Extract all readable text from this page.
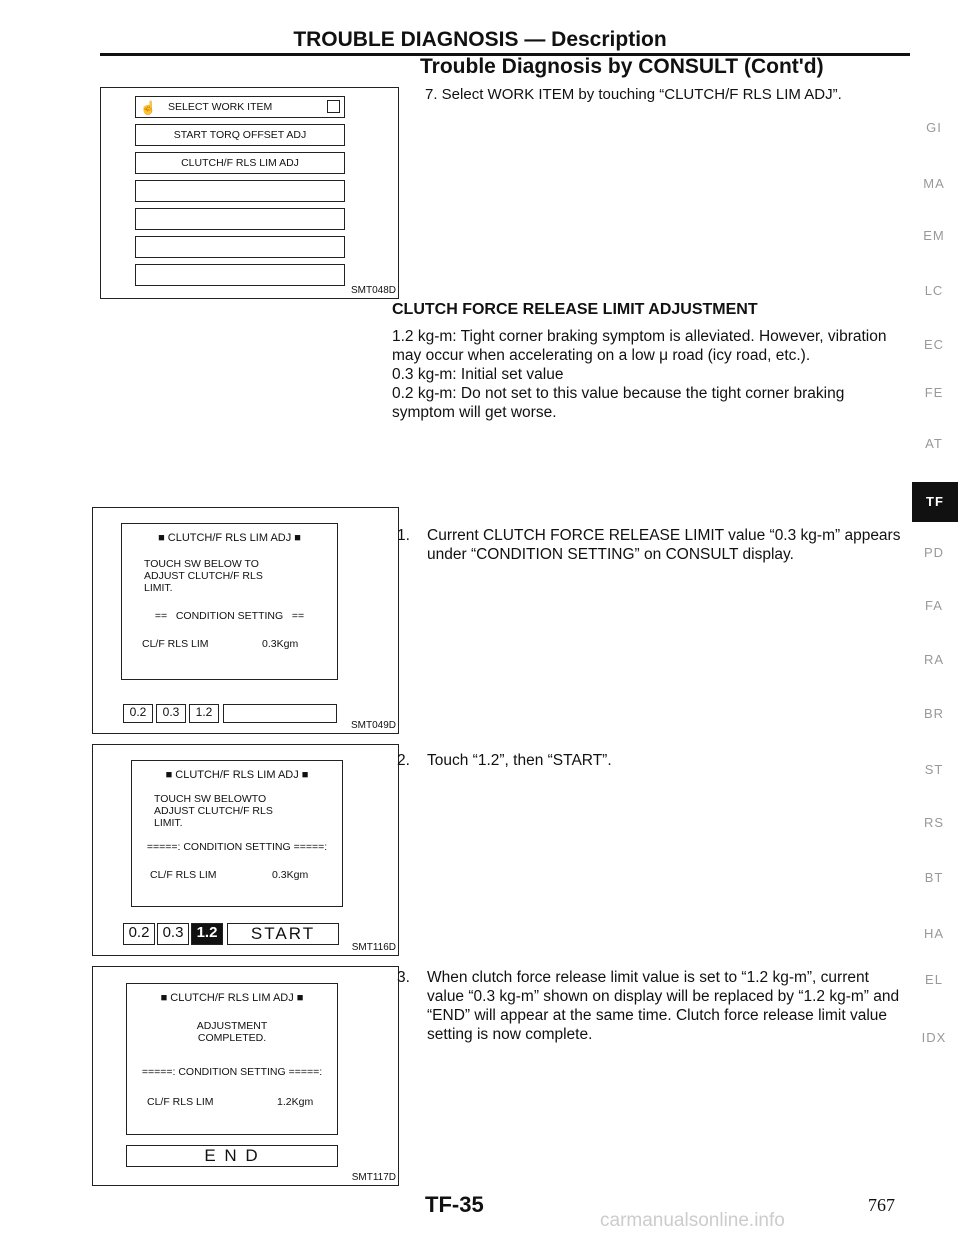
TROUBLE DIAGNOSIS — Description
Trouble Diagnosis by CONSULT (Cont'd)
7. Select WORK ITEM by touching “CLUTCH/F RLS LIM ADJ”.
☝ SELECT WORK ITEM
START TORQ OFFSET ADJ
CLUTCH/F RLS LIM ADJ
SMT048D
CLUTCH FORCE RELEASE LIMIT ADJUSTMENT

1.2 kg-m: Tight corner braking symptom is alleviated. However, vibration may occur when accelerating on a low μ road (icy road, etc.).

0.3 kg-m: Initial set value

0.2 kg-m: Do not set to this value because the tight corner braking symptom will get worse.

■ CLUTCH/F RLS LIM ADJ ■
TOUCH SW BELOW TO
ADJUST CLUTCH/F RLS
LIMIT.
==   CONDITION SETTING   ==
CL/F RLS LIM	0.3Kgm
0.2	0.3	1.2
SMT049D
■ CLUTCH/F RLS LIM ADJ ■
TOUCH SW BELOWTO
ADJUST CLUTCH/F RLS
LIMIT.
=====: CONDITION SETTING =====:
CL/F RLS LIM	0.3Kgm
0.2 0.3 1.2	START
SMT116D
■ CLUTCH/F RLS LIM ADJ ■
ADJUSTMENT
COMPLETED.
=====: CONDITION SETTING =====:
CL/F RLS LIM	1.2Kgm
E N D
SMT117D
1. Current CLUTCH FORCE RELEASE LIMIT value “0.3 kg-m” appears under “CONDITION SETTING” on CONSULT display.
2. Touch “1.2”, then “START”.
3. When clutch force release limit value is set to “1.2 kg-m”, current value “0.3 kg-m” shown on display will be replaced by “1.2 kg-m” and “END” will appear at the same time. Clutch force release limit value setting is now complete.
GI
MA
EM
LC
EC
FE
AT
TF
PD
FA
RA
BR
ST
RS
BT
HA
EL
IDX
TF-35	767
carmanualsonline.info
